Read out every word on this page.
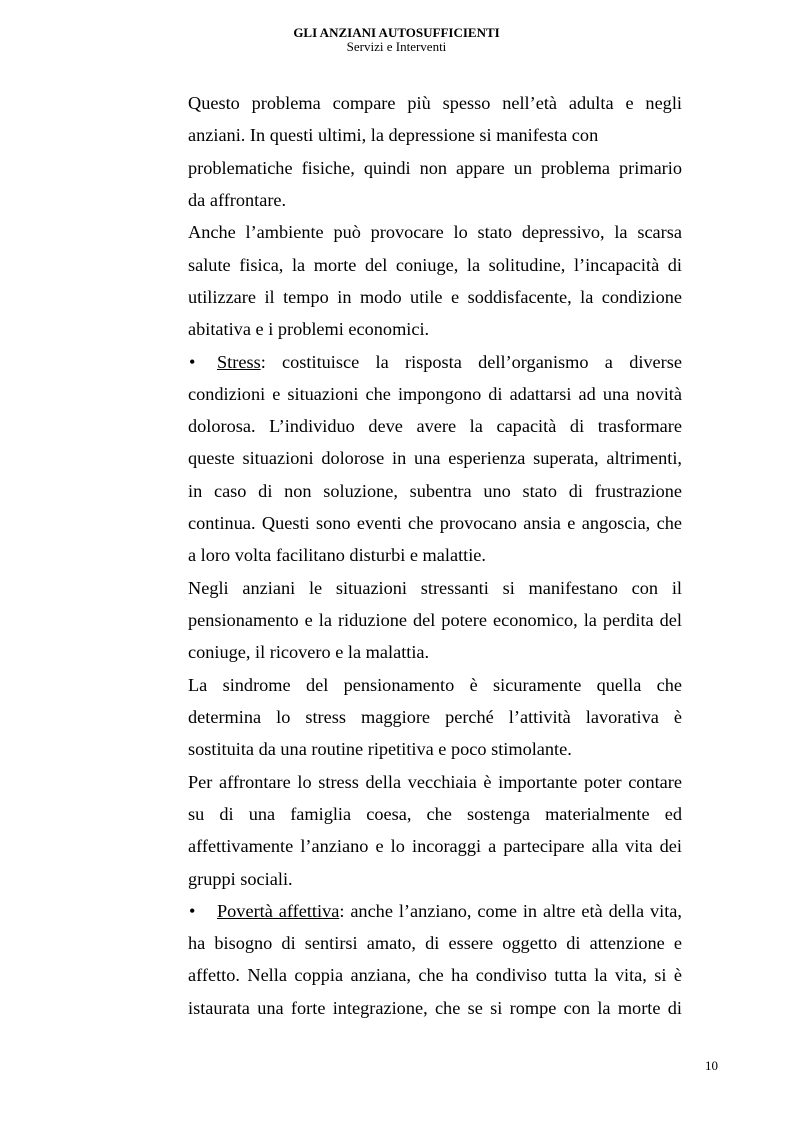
GLI ANZIANI AUTOSUFFICIENTI
Servizi e Interventi
Questo problema compare più spesso nell’età adulta e negli
anziani. In questi ultimi, la depressione si manifesta con
problematiche fisiche, quindi non appare un problema primario
da affrontare.
Anche l’ambiente può provocare lo stato depressivo, la scarsa
salute fisica, la morte del coniuge, la solitudine, l’incapacità di
utilizzare il tempo in modo utile e soddisfacente, la condizione
abitativa e i problemi economici.
• Stress: costituisce la risposta dell’organismo a diverse
condizioni e situazioni che impongono di adattarsi ad una novità
dolorosa. L’individuo deve avere la capacità di trasformare
queste situazioni dolorose in una esperienza superata, altrimenti,
in caso di non soluzione, subentra uno stato di frustrazione
continua. Questi sono eventi che provocano ansia e angoscia, che
a loro volta facilitano disturbi e malattie.
Negli anziani le situazioni stressanti si manifestano con il
pensionamento e la riduzione del potere economico, la perdita del
coniuge, il ricovero e la malattia.
La sindrome del pensionamento è sicuramente quella che
determina lo stress maggiore perché l’attività lavorativa è
sostituita da una routine ripetitiva e poco stimolante.
Per affrontare lo stress della vecchiaia è importante poter contare
su di una famiglia coesa, che sostenga materialmente ed
affettivamente l’anziano e lo incoraggi a partecipare alla vita dei
gruppi sociali.
• Povertà affettiva: anche l’anziano, come in altre età della vita,
ha bisogno di sentirsi amato, di essere oggetto di attenzione e
affetto. Nella coppia anziana, che ha condiviso tutta la vita, si è
istaurata una forte integrazione, che se si rompe con la morte di
10
